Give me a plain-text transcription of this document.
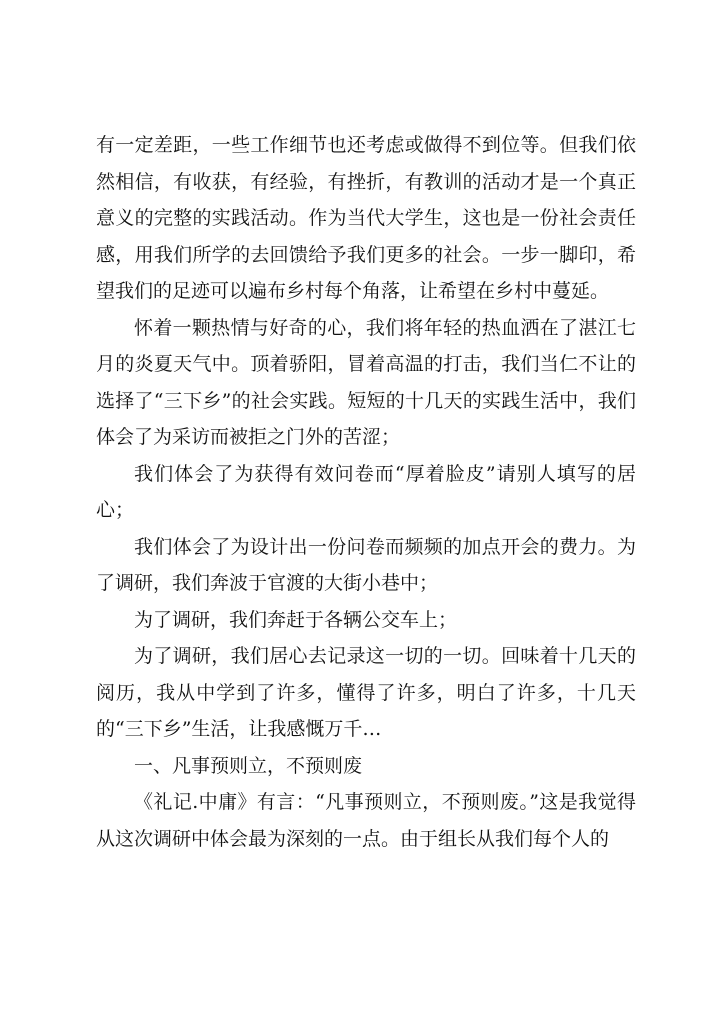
有一定差距，一些工作细节也还考虑或做得不到位等。但我们依然相信，有收获，有经验，有挫折，有教训的活动才是一个真正意义的完整的实践活动。作为当代大学生，这也是一份社会责任感，用我们所学的去回馈给予我们更多的社会。一步一脚印，希望我们的足迹可以遍布乡村每个角落，让希望在乡村中蔓延。

怀着一颗热情与好奇的心，我们将年轻的热血洒在了湛江七月的炎夏天气中。顶着骄阳，冒着高温的打击，我们当仁不让的选择了“三下乡”的社会实践。短短的十几天的实践生活中，我们体会了为采访而被拒之门外的苦涩；

我们体会了为获得有效问卷而“厚着脸皮”请别人填写的居心；

我们体会了为设计出一份问卷而频频的加点开会的费力。为了调研，我们奔波于官渡的大街小巷中；

为了调研，我们奔赶于各辆公交车上；

为了调研，我们居心去记录这一切的一切。回味着十几天的阅历，我从中学到了许多，懂得了许多，明白了许多，十几天的“三下乡”生活，让我感慨万千…

一、凡事预则立，不预则废

《礼记.中庸》有言：“凡事预则立，不预则废。”这是我觉得从这次调研中体会最为深刻的一点。由于组长从我们每个人的
